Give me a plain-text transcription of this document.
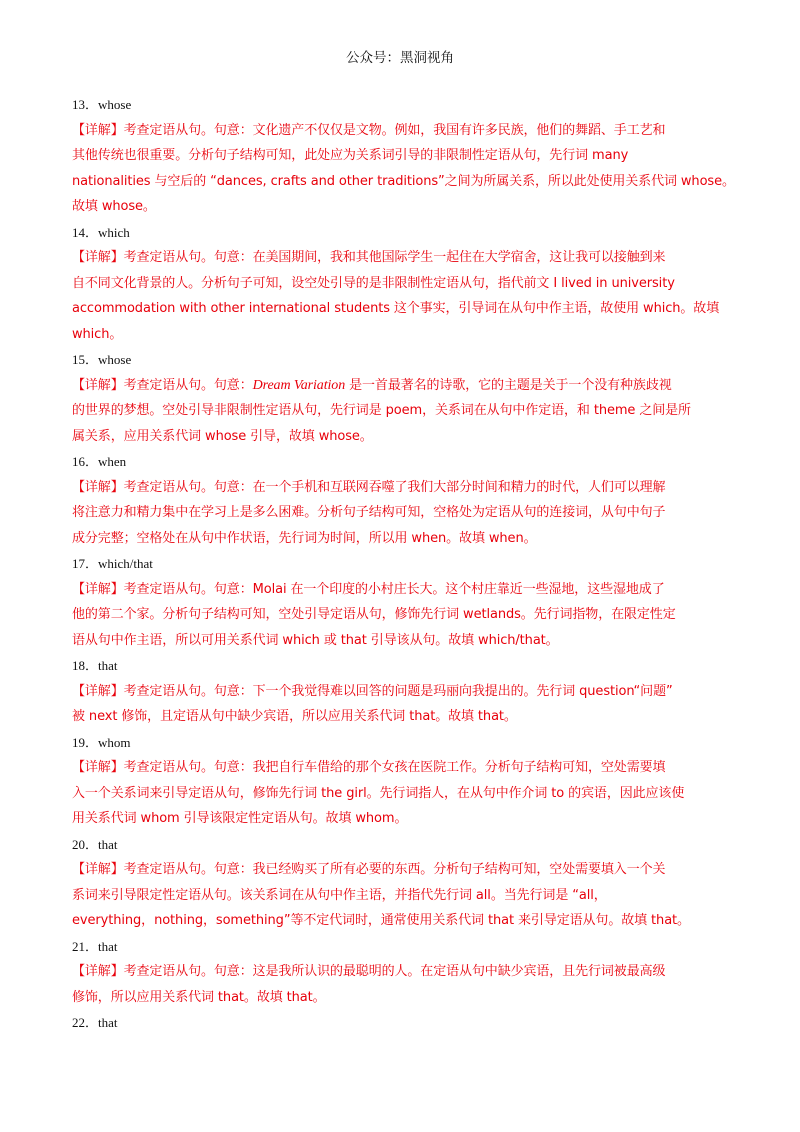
公众号：黑洞视角
13．whose
【详解】考查定语从句。句意：文化遗产不仅仅是文物。例如，我国有许多民族，他们的舞蹈、手工艺和
其他传统也很重要。分析句子结构可知，此处应为关系词引导的非限制性定语从句，先行词 many
nationalities 与空后的 “dances, crafts and other traditions”之间为所属关系，所以此处使用关系代词 whose。
故填 whose。
14．which
【详解】考查定语从句。句意：在美国期间，我和其他国际学生一起住在大学宿舍，这让我可以接触到来
自不同文化背景的人。分析句子可知，设空处引导的是非限制性定语从句，指代前文 I lived in university
accommodation with other international students 这个事实，引导词在从句中作主语，故使用 which。故填
which。
15．whose
【详解】考查定语从句。句意：Dream Variation 是一首最著名的诗歌，它的主题是关于一个没有种族歧视
的世界的梦想。空处引导非限制性定语从句，先行词是 poem，关系词在从句中作定语，和 theme 之间是所
属关系，应用关系代词 whose 引导，故填 whose。
16．when
【详解】考查定语从句。句意：在一个手机和互联网吞噬了我们大部分时间和精力的时代，人们可以理解
将注意力和精力集中在学习上是多么困难。分析句子结构可知，空格处为定语从句的连接词，从句中句子
成分完整；空格处在从句中作状语，先行词为时间，所以用 when。故填 when。
17．which/that
【详解】考查定语从句。句意：Molai 在一个印度的小村庄长大。这个村庄靠近一些湿地，这些湿地成了
他的第二个家。分析句子结构可知，空处引导定语从句，修饰先行词 wetlands。先行词指物，在限定性定
语从句中作主语，所以可用关系代词 which 或 that 引导该从句。故填 which/that。
18．that
【详解】考查定语从句。句意：下一个我觉得难以回答的问题是玛丽向我提出的。先行词 question“问题”
被 next 修饰，且定语从句中缺少宾语，所以应用关系代词 that。故填 that。
19．whom
【详解】考查定语从句。句意：我把自行车借给的那个女孩在医院工作。分析句子结构可知，空处需要填
入一个关系词来引导定语从句，修饰先行词 the girl。先行词指人，在从句中作介词 to 的宾语，因此应该使
用关系代词 whom 引导该限定性定语从句。故填 whom。
20．that
【详解】考查定语从句。句意：我已经购买了所有必要的东西。分析句子结构可知，空处需要填入一个关
系词来引导限定性定语从句。该关系词在从句中作主语，并指代先行词 all。当先行词是 “all，
everything，nothing，something”等不定代词时，通常使用关系代词 that 来引导定语从句。故填 that。
21．that
【详解】考查定语从句。句意：这是我所认识的最聪明的人。在定语从句中缺少宾语，且先行词被最高级
修饰，所以应用关系代词 that。故填 that。
22．that
